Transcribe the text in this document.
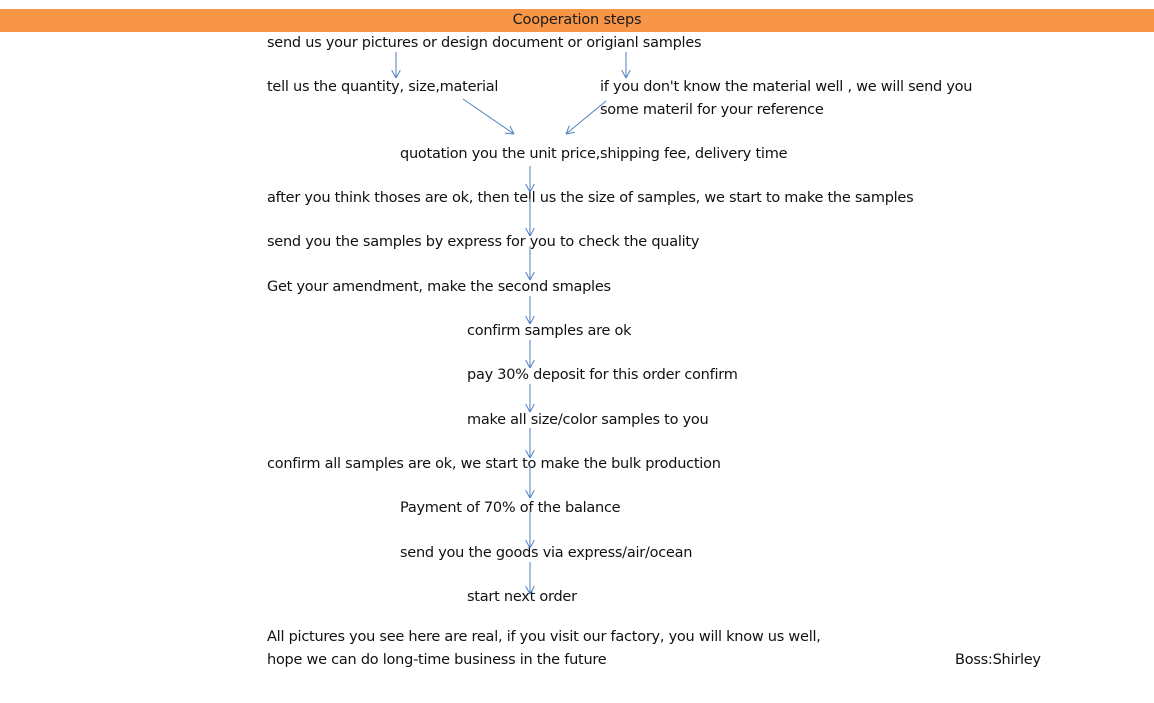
Cooperation steps
send us your pictures or design document or origianl samples
tell us the quantity, size,material	if you don't know the material well , we will send you
some materil for your reference
quotation you the unit price,shipping fee, delivery time
after you think thoses are ok, then tell us the size of samples, we start to make the samples
send you the samples by express for you to check the quality
Get your amendment, make the second smaples
confirm samples are ok
pay 30% deposit for this order confirm
make all size/color samples to you
confirm all samples are ok, we start to make the bulk production
Payment of 70% of the balance
send you the goods via express/air/ocean
start next order
All pictures you see here are real, if you visit our factory, you will know us well,
hope we can do long-time business in the future	Boss:Shirley
